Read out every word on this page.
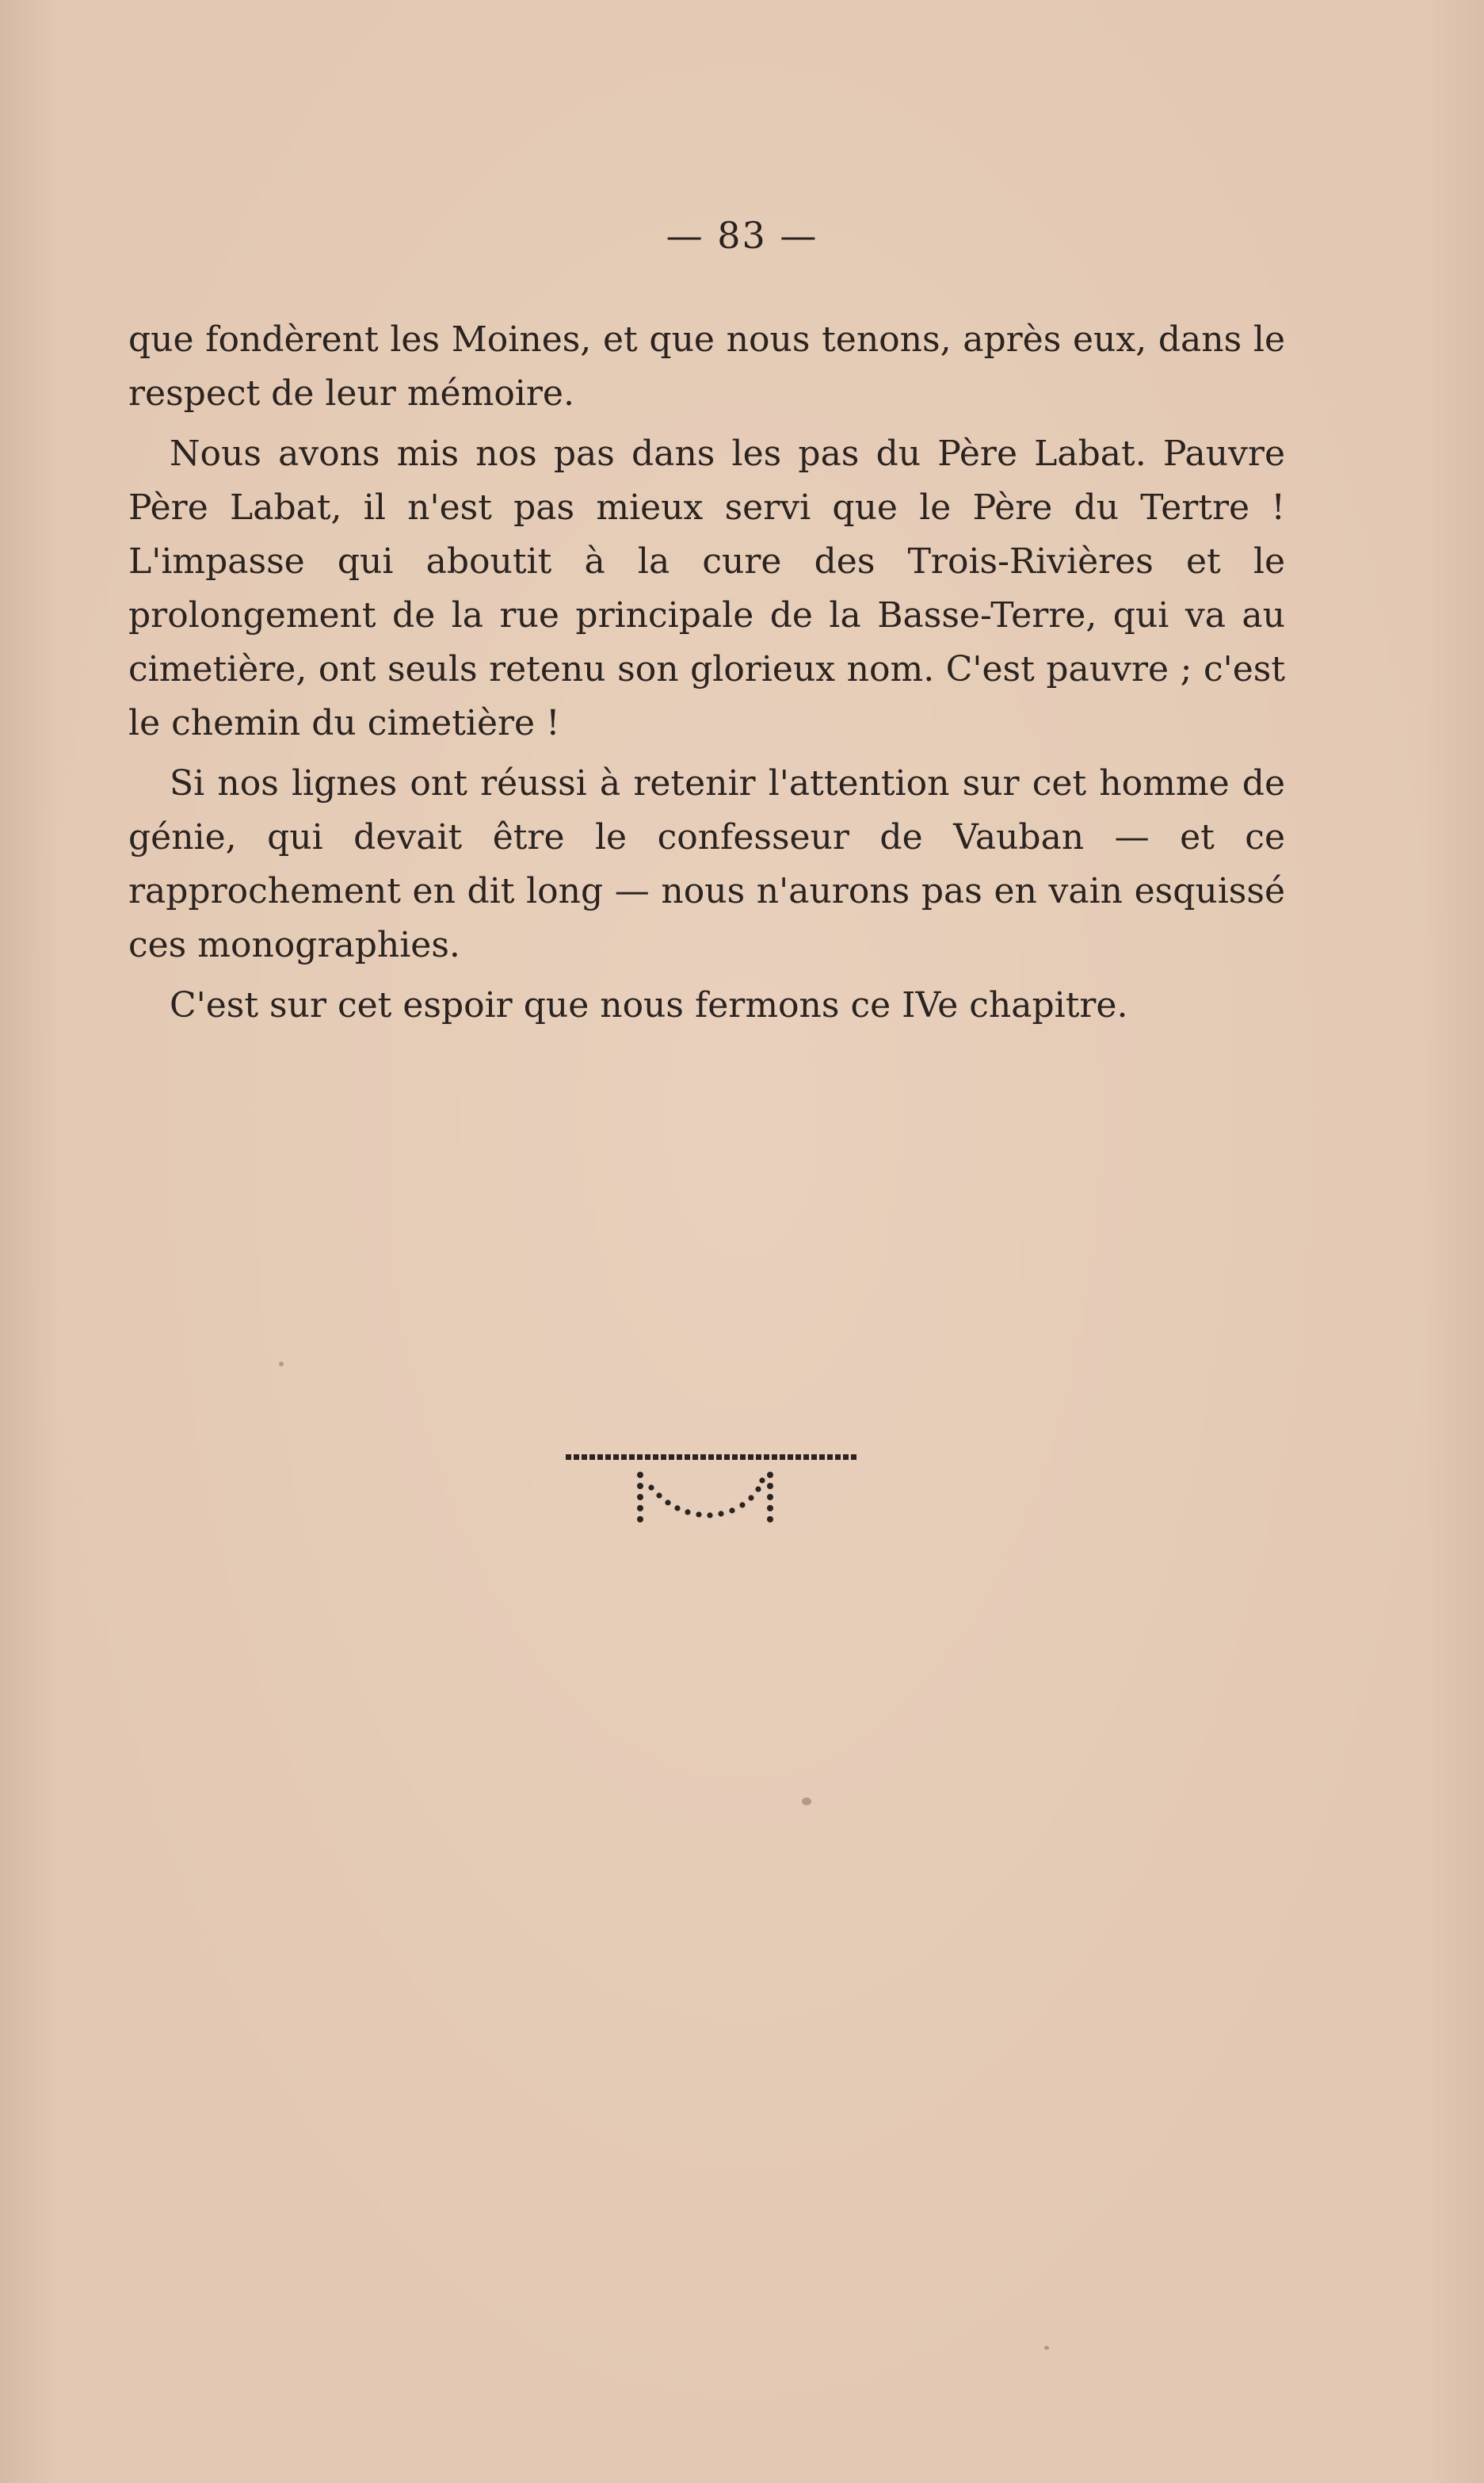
— 83 —

que fondèrent les Moines, et que nous tenons, après eux, dans le respect de leur mémoire.

Nous avons mis nos pas dans les pas du Père Labat. Pauvre Père Labat, il n'est pas mieux servi que le Père du Tertre ! L'impasse qui aboutit à la cure des Trois-Rivières et le prolongement de la rue principale de la Basse-Terre, qui va au cimetière, ont seuls retenu son glorieux nom. C'est pauvre ; c'est le chemin du cimetière !

Si nos lignes ont réussi à retenir l'attention sur cet homme de génie, qui devait être le confesseur de Vauban — et ce rapprochement en dit long — nous n'aurons pas en vain esquissé ces monographies.

C'est sur cet espoir que nous fermons ce IVe chapitre.
